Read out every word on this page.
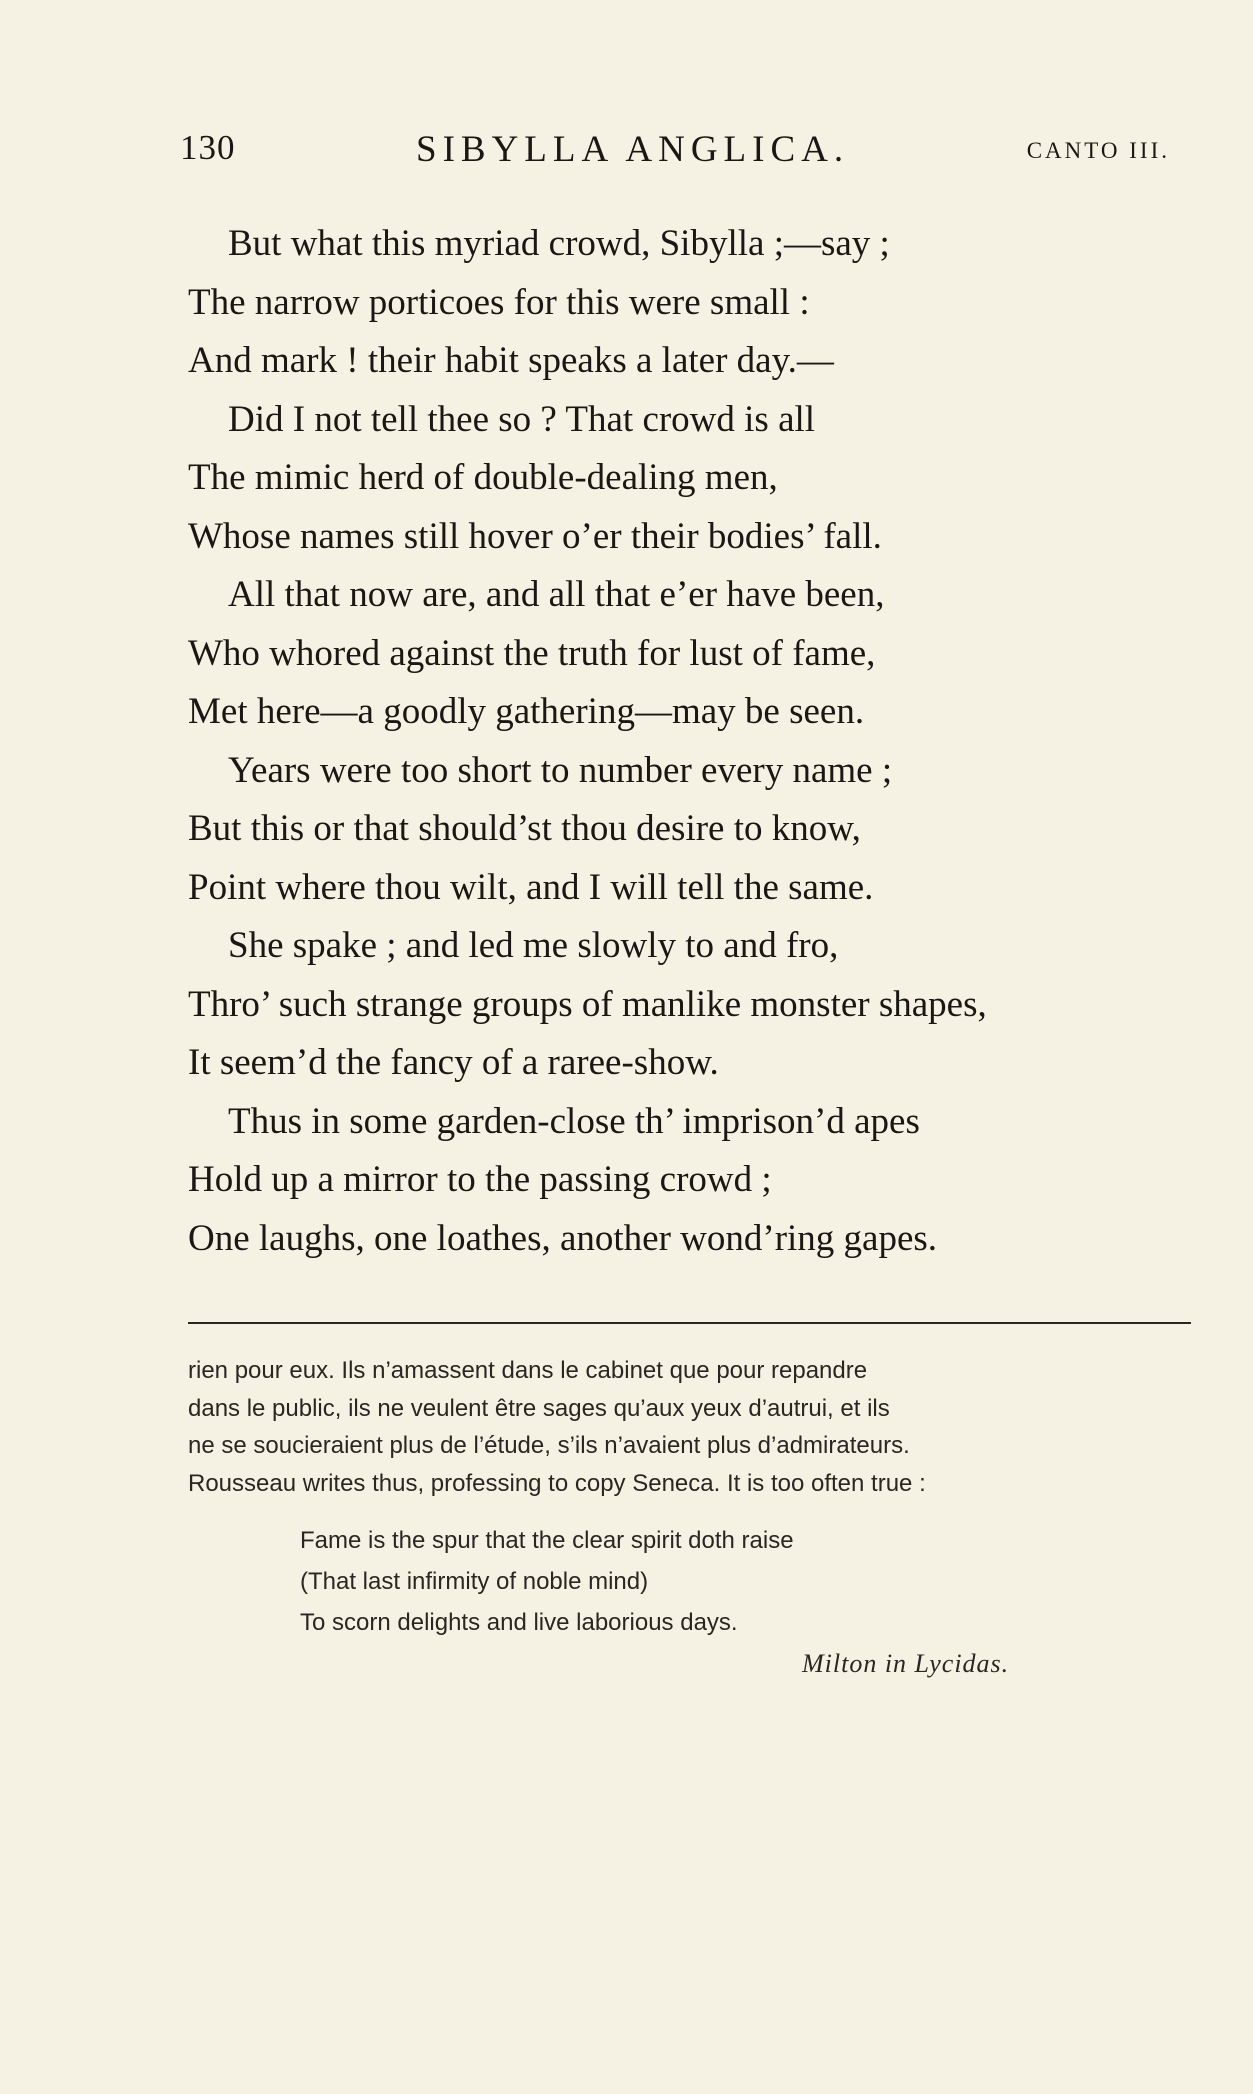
130	SIBYLLA ANGLICA.	CANTO III.
But what this myriad crowd, Sibylla ;—say ;
The narrow porticoes for this were small :
And mark ! their habit speaks a later day.—
Did I not tell thee so ? That crowd is all
The mimic herd of double-dealing men,
Whose names still hover o’er their bodies’ fall.
All that now are, and all that e’er have been,
Who whored against the truth for lust of fame,
Met here—a goodly gathering—may be seen.
Years were too short to number every name ;
But this or that should’st thou desire to know,
Point where thou wilt, and I will tell the same.
She spake ; and led me slowly to and fro,
Thro’ such strange groups of manlike monster shapes,
It seem’d the fancy of a raree-show.
Thus in some garden-close th’ imprison’d apes
Hold up a mirror to the passing crowd ;
One laughs, one loathes, another wond’ring gapes.
rien pour eux. Ils n’amassent dans le cabinet que pour repandre
dans le public, ils ne veulent être sages qu’aux yeux d’autrui, et ils
ne se soucieraient plus de l’étude, s’ils n’avaient plus d’admirateurs.
Rousseau writes thus, professing to copy Seneca. It is too often true :
Fame is the spur that the clear spirit doth raise
(That last infirmity of noble mind)
To scorn delights and live laborious days.
Milton in Lycidas.
